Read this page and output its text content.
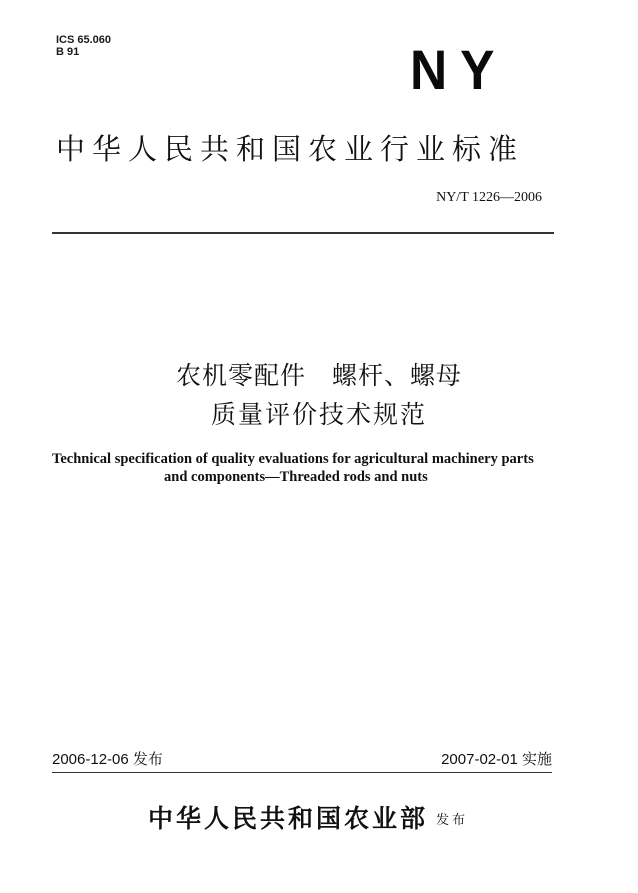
ICS 65.060
B 91	NY
中华人民共和国农业行业标准
NY/T 1226—2006
农机零配件 螺杆、螺母
质量评价技术规范
Technical specification of quality evaluations for agricultural machinery parts
and components—Threaded rods and nuts
2006-12-06 发布	2007-02-01 实施
中华人民共和国农业部 发布
